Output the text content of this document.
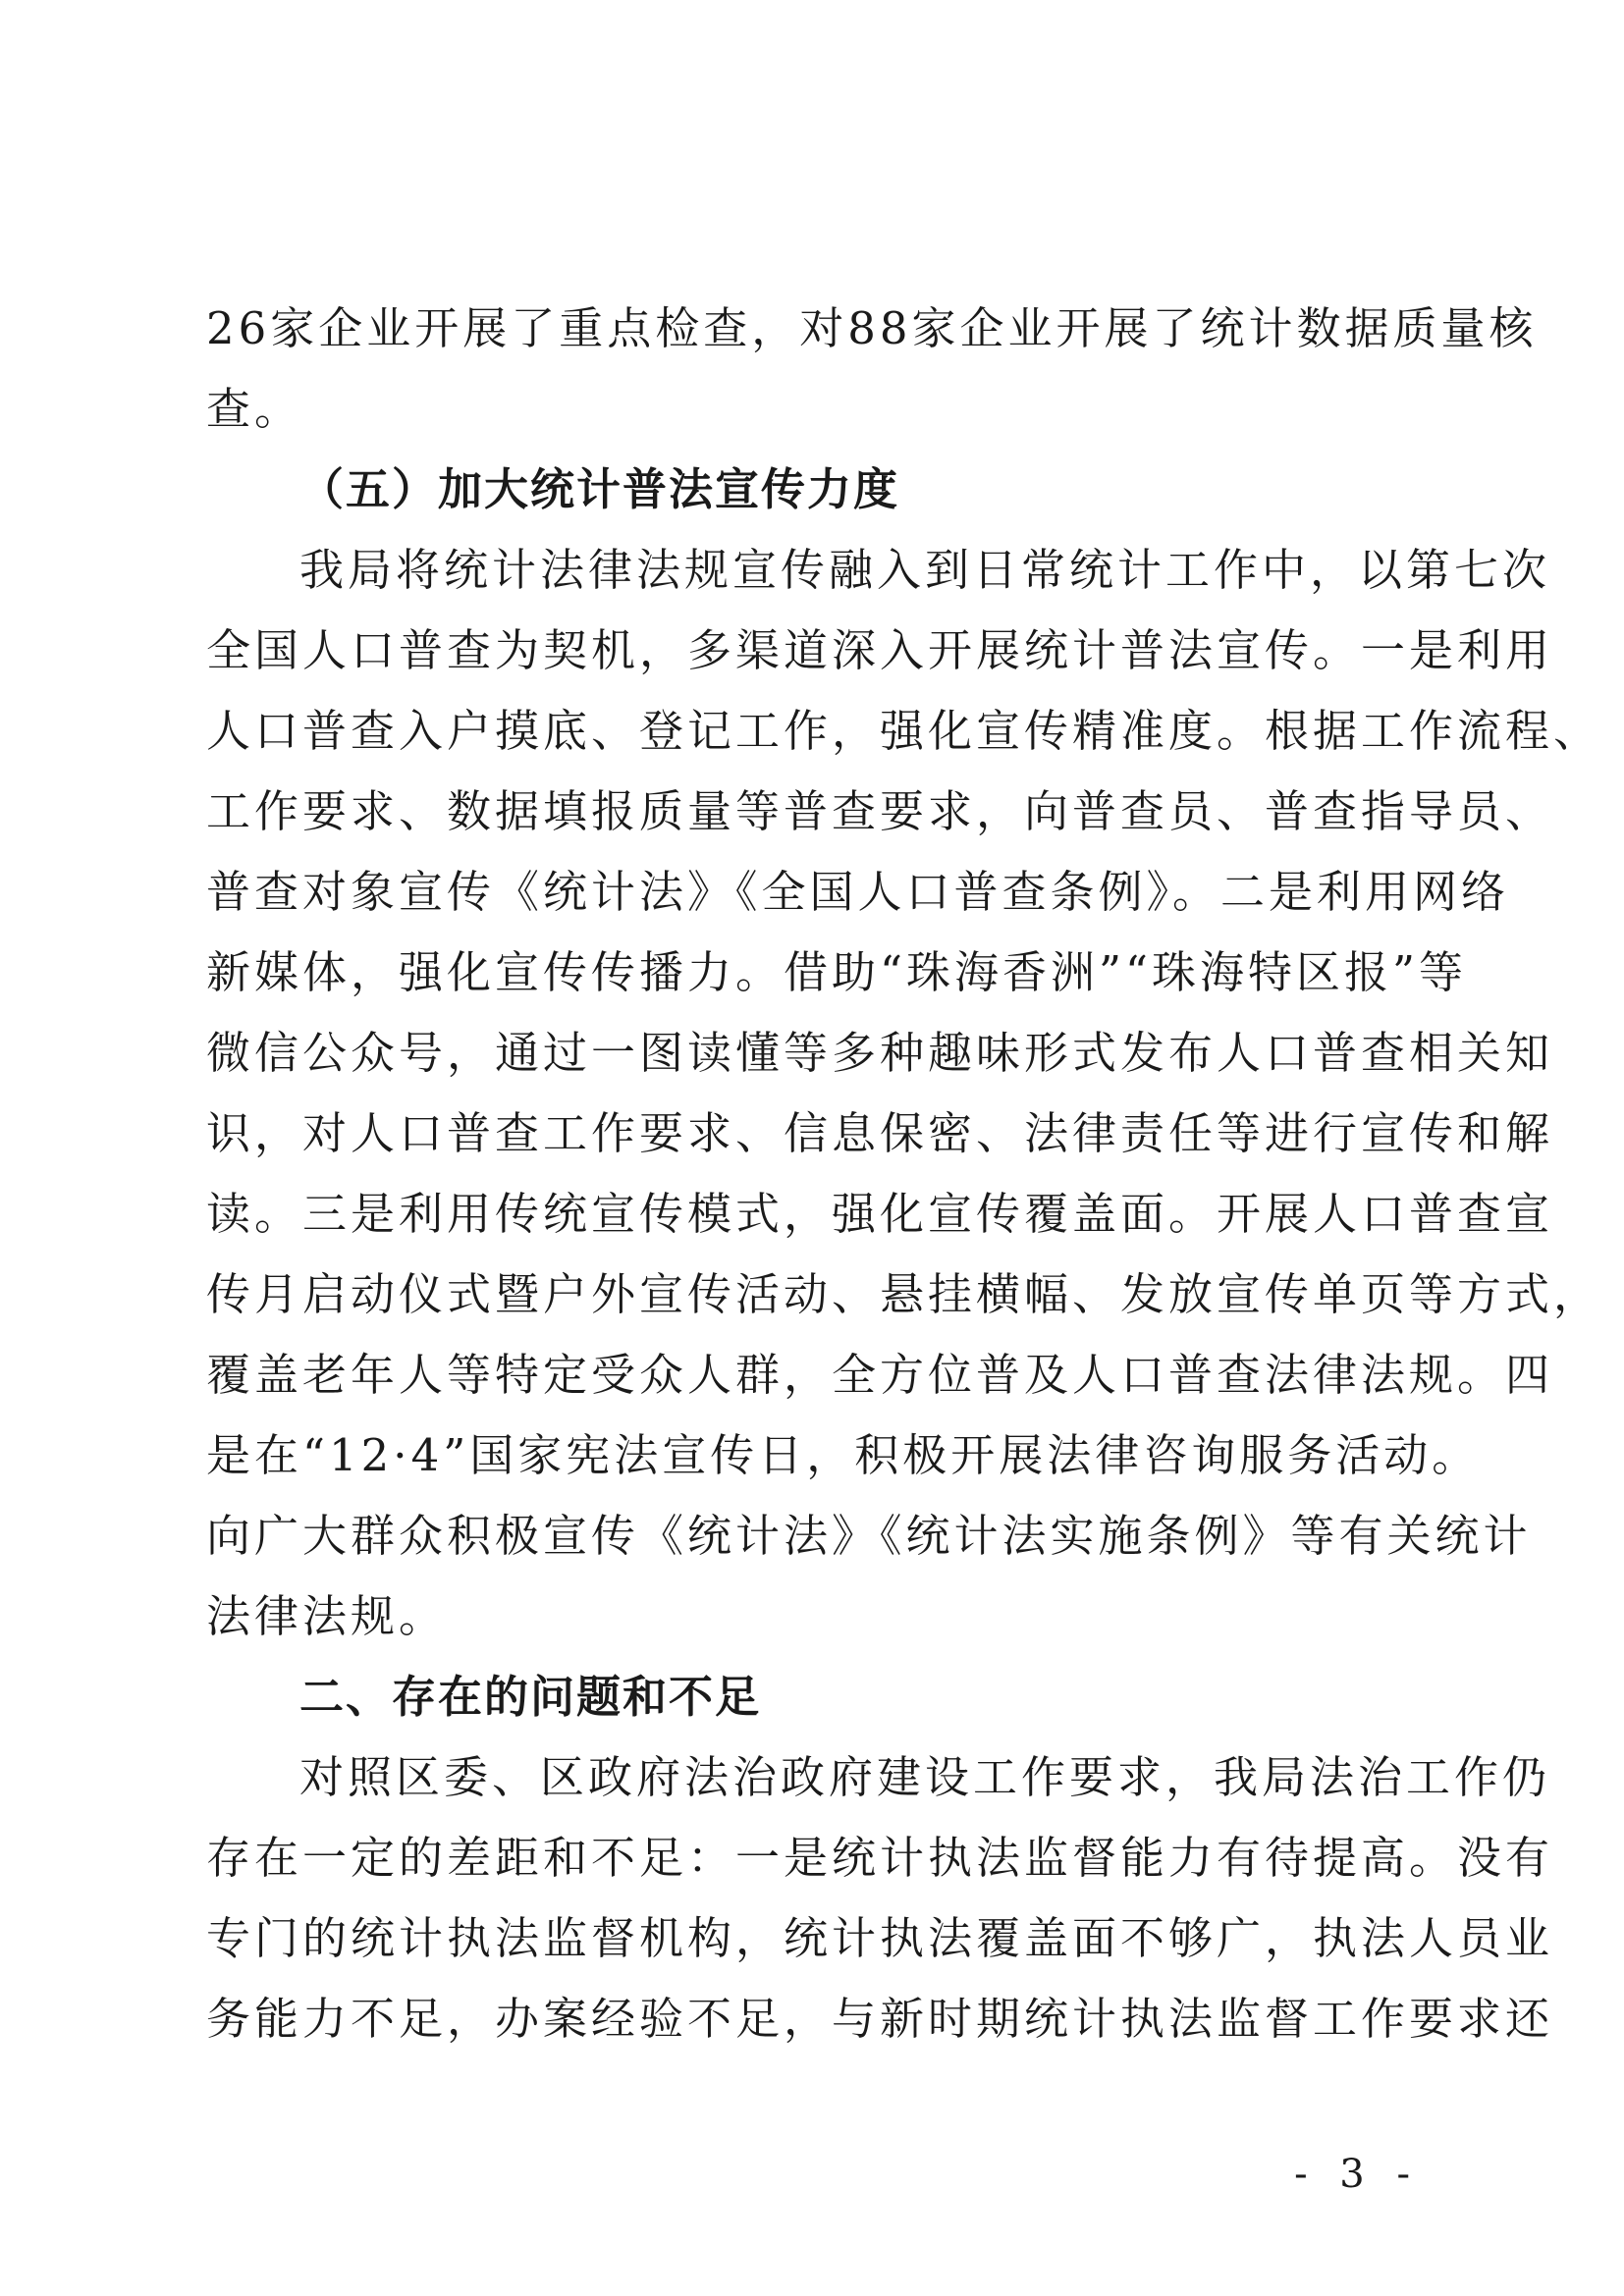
26家企业开展了重点检查，对88家企业开展了统计数据质量核
查。
（五）加大统计普法宣传力度
我局将统计法律法规宣传融入到日常统计工作中，以第七次
全国人口普查为契机，多渠道深入开展统计普法宣传。一是利用
人口普查入户摸底、登记工作，强化宣传精准度。根据工作流程、
工作要求、数据填报质量等普查要求，向普查员、普查指导员、
普查对象宣传《统计法》《全国人口普查条例》。二是利用网络
新媒体，强化宣传传播力。借助“珠海香洲”“珠海特区报”等
微信公众号，通过一图读懂等多种趣味形式发布人口普查相关知
识，对人口普查工作要求、信息保密、法律责任等进行宣传和解
读。三是利用传统宣传模式，强化宣传覆盖面。开展人口普查宣
传月启动仪式暨户外宣传活动、悬挂横幅、发放宣传单页等方式，
覆盖老年人等特定受众人群，全方位普及人口普查法律法规。四
是在“12·4”国家宪法宣传日，积极开展法律咨询服务活动。
向广大群众积极宣传《统计法》《统计法实施条例》等有关统计
法律法规。
二、存在的问题和不足
对照区委、区政府法治政府建设工作要求，我局法治工作仍
存在一定的差距和不足：一是统计执法监督能力有待提高。没有
专门的统计执法监督机构，统计执法覆盖面不够广，执法人员业
务能力不足，办案经验不足，与新时期统计执法监督工作要求还
- 3 -
